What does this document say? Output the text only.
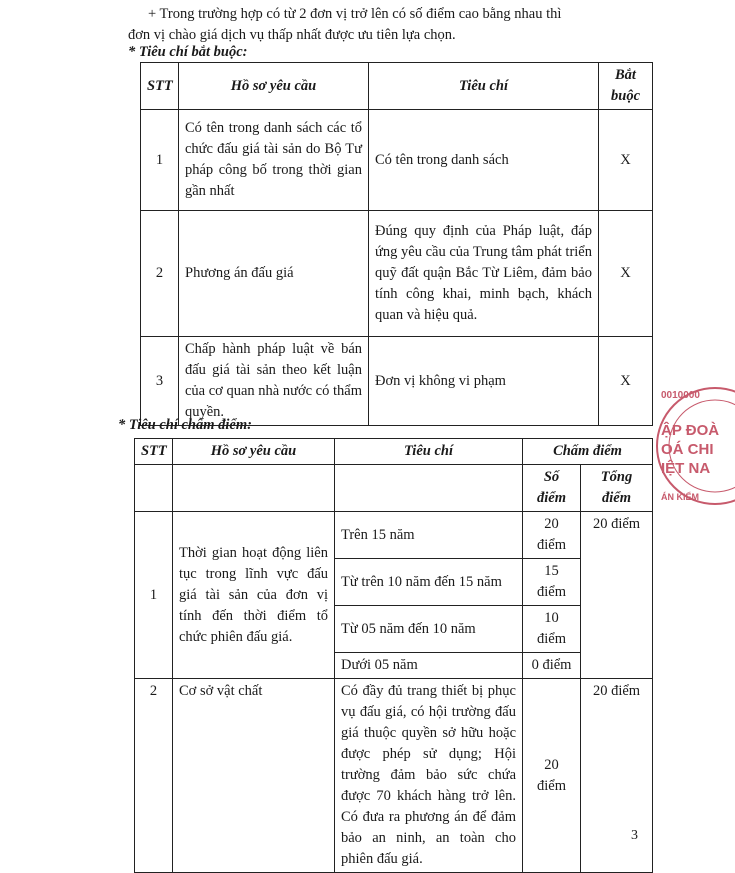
+ Trong trường hợp có từ 2 đơn vị trở lên có số điểm cao bằng nhau thì
đơn vị chào giá dịch vụ thấp nhất được ưu tiên lựa chọn.
* Tiêu chí bắt buộc:
STT	Hồ sơ yêu cầu	Tiêu chí	Bắt buộc
1	Có tên trong danh sách các tổ chức đấu giá tài sản do Bộ Tư pháp công bố trong thời gian gần nhất	Có tên trong danh sách	X
2	Phương án đấu giá	Đúng quy định của Pháp luật, đáp ứng yêu cầu của Trung tâm phát triển quỹ đất quận Bắc Từ Liêm, đảm bảo tính công khai, minh bạch, khách quan và hiệu quả.	X
3	Chấp hành pháp luật về bán đấu giá tài sản theo kết luận của cơ quan nhà nước có thẩm quyền.	Đơn vị không vi phạm	X
* Tiêu chí chấm điểm:
STT	Hồ sơ yêu cầu	Tiêu chí	Chấm điểm	
			Số điểm	Tổng điểm
1	Thời gian hoạt động liên tục trong lĩnh vực đấu giá tài sản của đơn vị tính đến thời điểm tổ chức phiên đấu giá.	Trên 15 năm	20 điểm	20 điểm
		Từ trên 10 năm đến 15 năm	15 điểm	
		Từ 05 năm đến 10 năm	10 điểm	
		Dưới 05 năm	0 điểm	
2	Cơ sở vật chất	Có đầy đủ trang thiết bị phục vụ đấu giá, có hội trường đấu giá thuộc quyền sở hữu hoặc được phép sử dụng; Hội trường đảm bảo sức chứa được 70 khách hàng trở lên. Có đưa ra phương án để đảm bảo an ninh, an toàn cho phiên đấu giá.	20 điểm	20 điểm
0010000
ẬP ĐOÀ
OÁ CHI
IỆT NA
ÁN KIỂM
3
